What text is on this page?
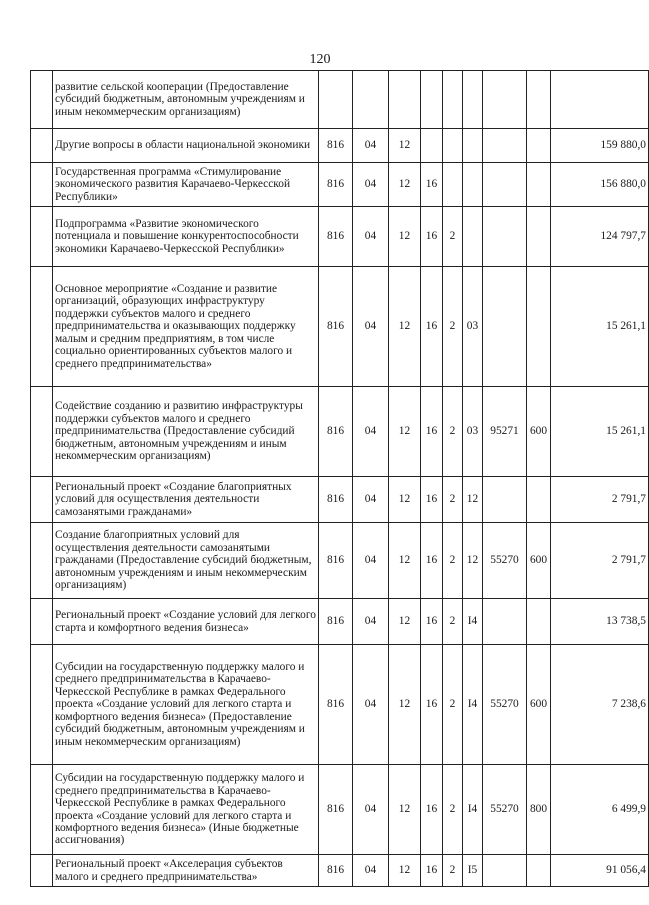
120
	развитие сельской кооперации (Предоставление субсидий бюджетным, автономным учреждениям и иным некоммерческим организациям)									
	Другие вопросы в области национальной экономики	816	04	12						159 880,0
	Государственная программа «Стимулирование экономического развития Карачаево-Черкесской Республики»	816	04	12	16					156 880,0
	Подпрограмма «Развитие экономического потенциала и повышение конкурентоспособности экономики Карачаево-Черкесской Республики»	816	04	12	16	2				124 797,7
	Основное мероприятие «Создание и развитие организаций, образующих инфраструктуру поддержки субъектов малого и среднего предпринимательства и оказывающих поддержку малым и средним предприятиям, в том числе социально ориентированных субъектов малого и среднего предпринимательства»	816	04	12	16	2	03			15 261,1
	Содействие созданию и развитию инфраструктуры поддержки субъектов малого и среднего предпринимательства (Предоставление субсидий бюджетным, автономным учреждениям и иным некоммерческим организациям)	816	04	12	16	2	03	95271	600	15 261,1
	Региональный проект «Создание благоприятных условий для осуществления деятельности самозанятыми гражданами»	816	04	12	16	2	12			2 791,7
	Создание благоприятных условий для осуществления деятельности самозанятыми гражданами (Предоставление субсидий бюджетным, автономным учреждениям и иным некоммерческим организациям)	816	04	12	16	2	12	55270	600	2 791,7
	Региональный проект «Создание условий для легкого старта и комфортного ведения бизнеса»	816	04	12	16	2	I4			13 738,5
	Субсидии на государственную поддержку малого и среднего предпринимательства в Карачаево-Черкесской Республике в рамках Федерального проекта «Создание условий для легкого старта и комфортного ведения бизнеса» (Предоставление субсидий бюджетным, автономным учреждениям и иным некоммерческим организациям)	816	04	12	16	2	I4	55270	600	7 238,6
	Субсидии на государственную поддержку малого и среднего предпринимательства в Карачаево-Черкесской Республике в рамках Федерального проекта «Создание условий для легкого старта и комфортного ведения бизнеса» (Иные бюджетные ассигнования)	816	04	12	16	2	I4	55270	800	6 499,9
	Региональный проект «Акселерация субъектов малого и среднего предпринимательства»	816	04	12	16	2	I5			91 056,4
